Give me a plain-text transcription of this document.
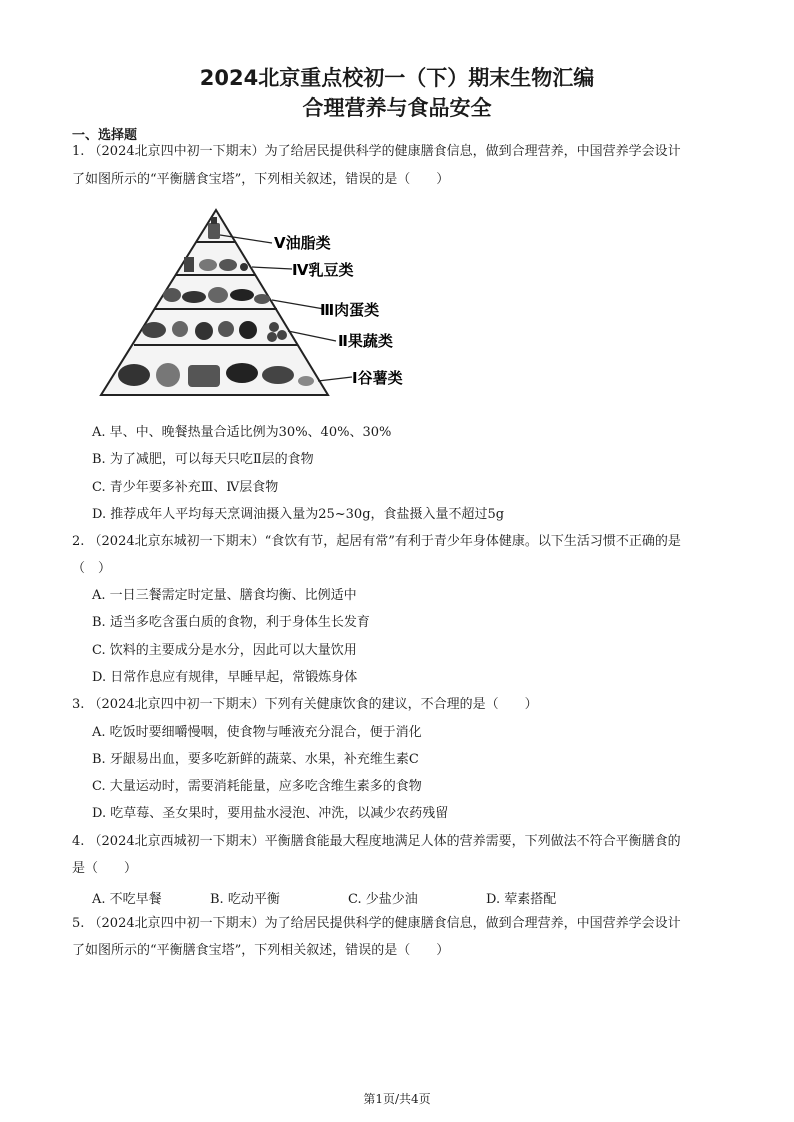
2024北京重点校初一（下）期末生物汇编
合理营养与食品安全
一、选择题
1. （2024北京四中初一下期末）为了给居民提供科学的健康膳食信息，做到合理营养，中国营养学会设计
了如图所示的“平衡膳食宝塔”，下列相关叙述，错误的是（　　）
Ⅴ油脂类
Ⅳ乳豆类
Ⅲ肉蛋类
Ⅱ果蔬类
Ⅰ谷薯类
A. 早、中、晚餐热量合适比例为30%、40%、30%
B. 为了减肥，可以每天只吃Ⅱ层的食物
C. 青少年要多补充Ⅲ、Ⅳ层食物
D. 推荐成年人平均每天烹调油摄入量为25~30g，食盐摄入量不超过5g
2. （2024北京东城初一下期末）“食饮有节，起居有常”有利于青少年身体健康。以下生活习惯不正确的是
（　）
A. 一日三餐需定时定量、膳食均衡、比例适中
B. 适当多吃含蛋白质的食物，利于身体生长发育
C. 饮料的主要成分是水分，因此可以大量饮用
D. 日常作息应有规律，早睡早起，常锻炼身体
3. （2024北京四中初一下期末）下列有关健康饮食的建议，不合理的是（　　）
A. 吃饭时要细嚼慢咽，使食物与唾液充分混合，便于消化
B. 牙龈易出血，要多吃新鲜的蔬菜、水果，补充维生素C
C. 大量运动时，需要消耗能量，应多吃含维生素多的食物
D. 吃草莓、圣女果时，要用盐水浸泡、冲洗，以减少农药残留
4. （2024北京西城初一下期末）平衡膳食能最大程度地满足人体的营养需要，下列做法不符合平衡膳食的
是（　　）
A. 不吃早餐	B. 吃动平衡	C. 少盐少油	D. 荤素搭配
5. （2024北京四中初一下期末）为了给居民提供科学的健康膳食信息，做到合理营养，中国营养学会设计
了如图所示的“平衡膳食宝塔”，下列相关叙述，错误的是（　　）
第1页/共4页
